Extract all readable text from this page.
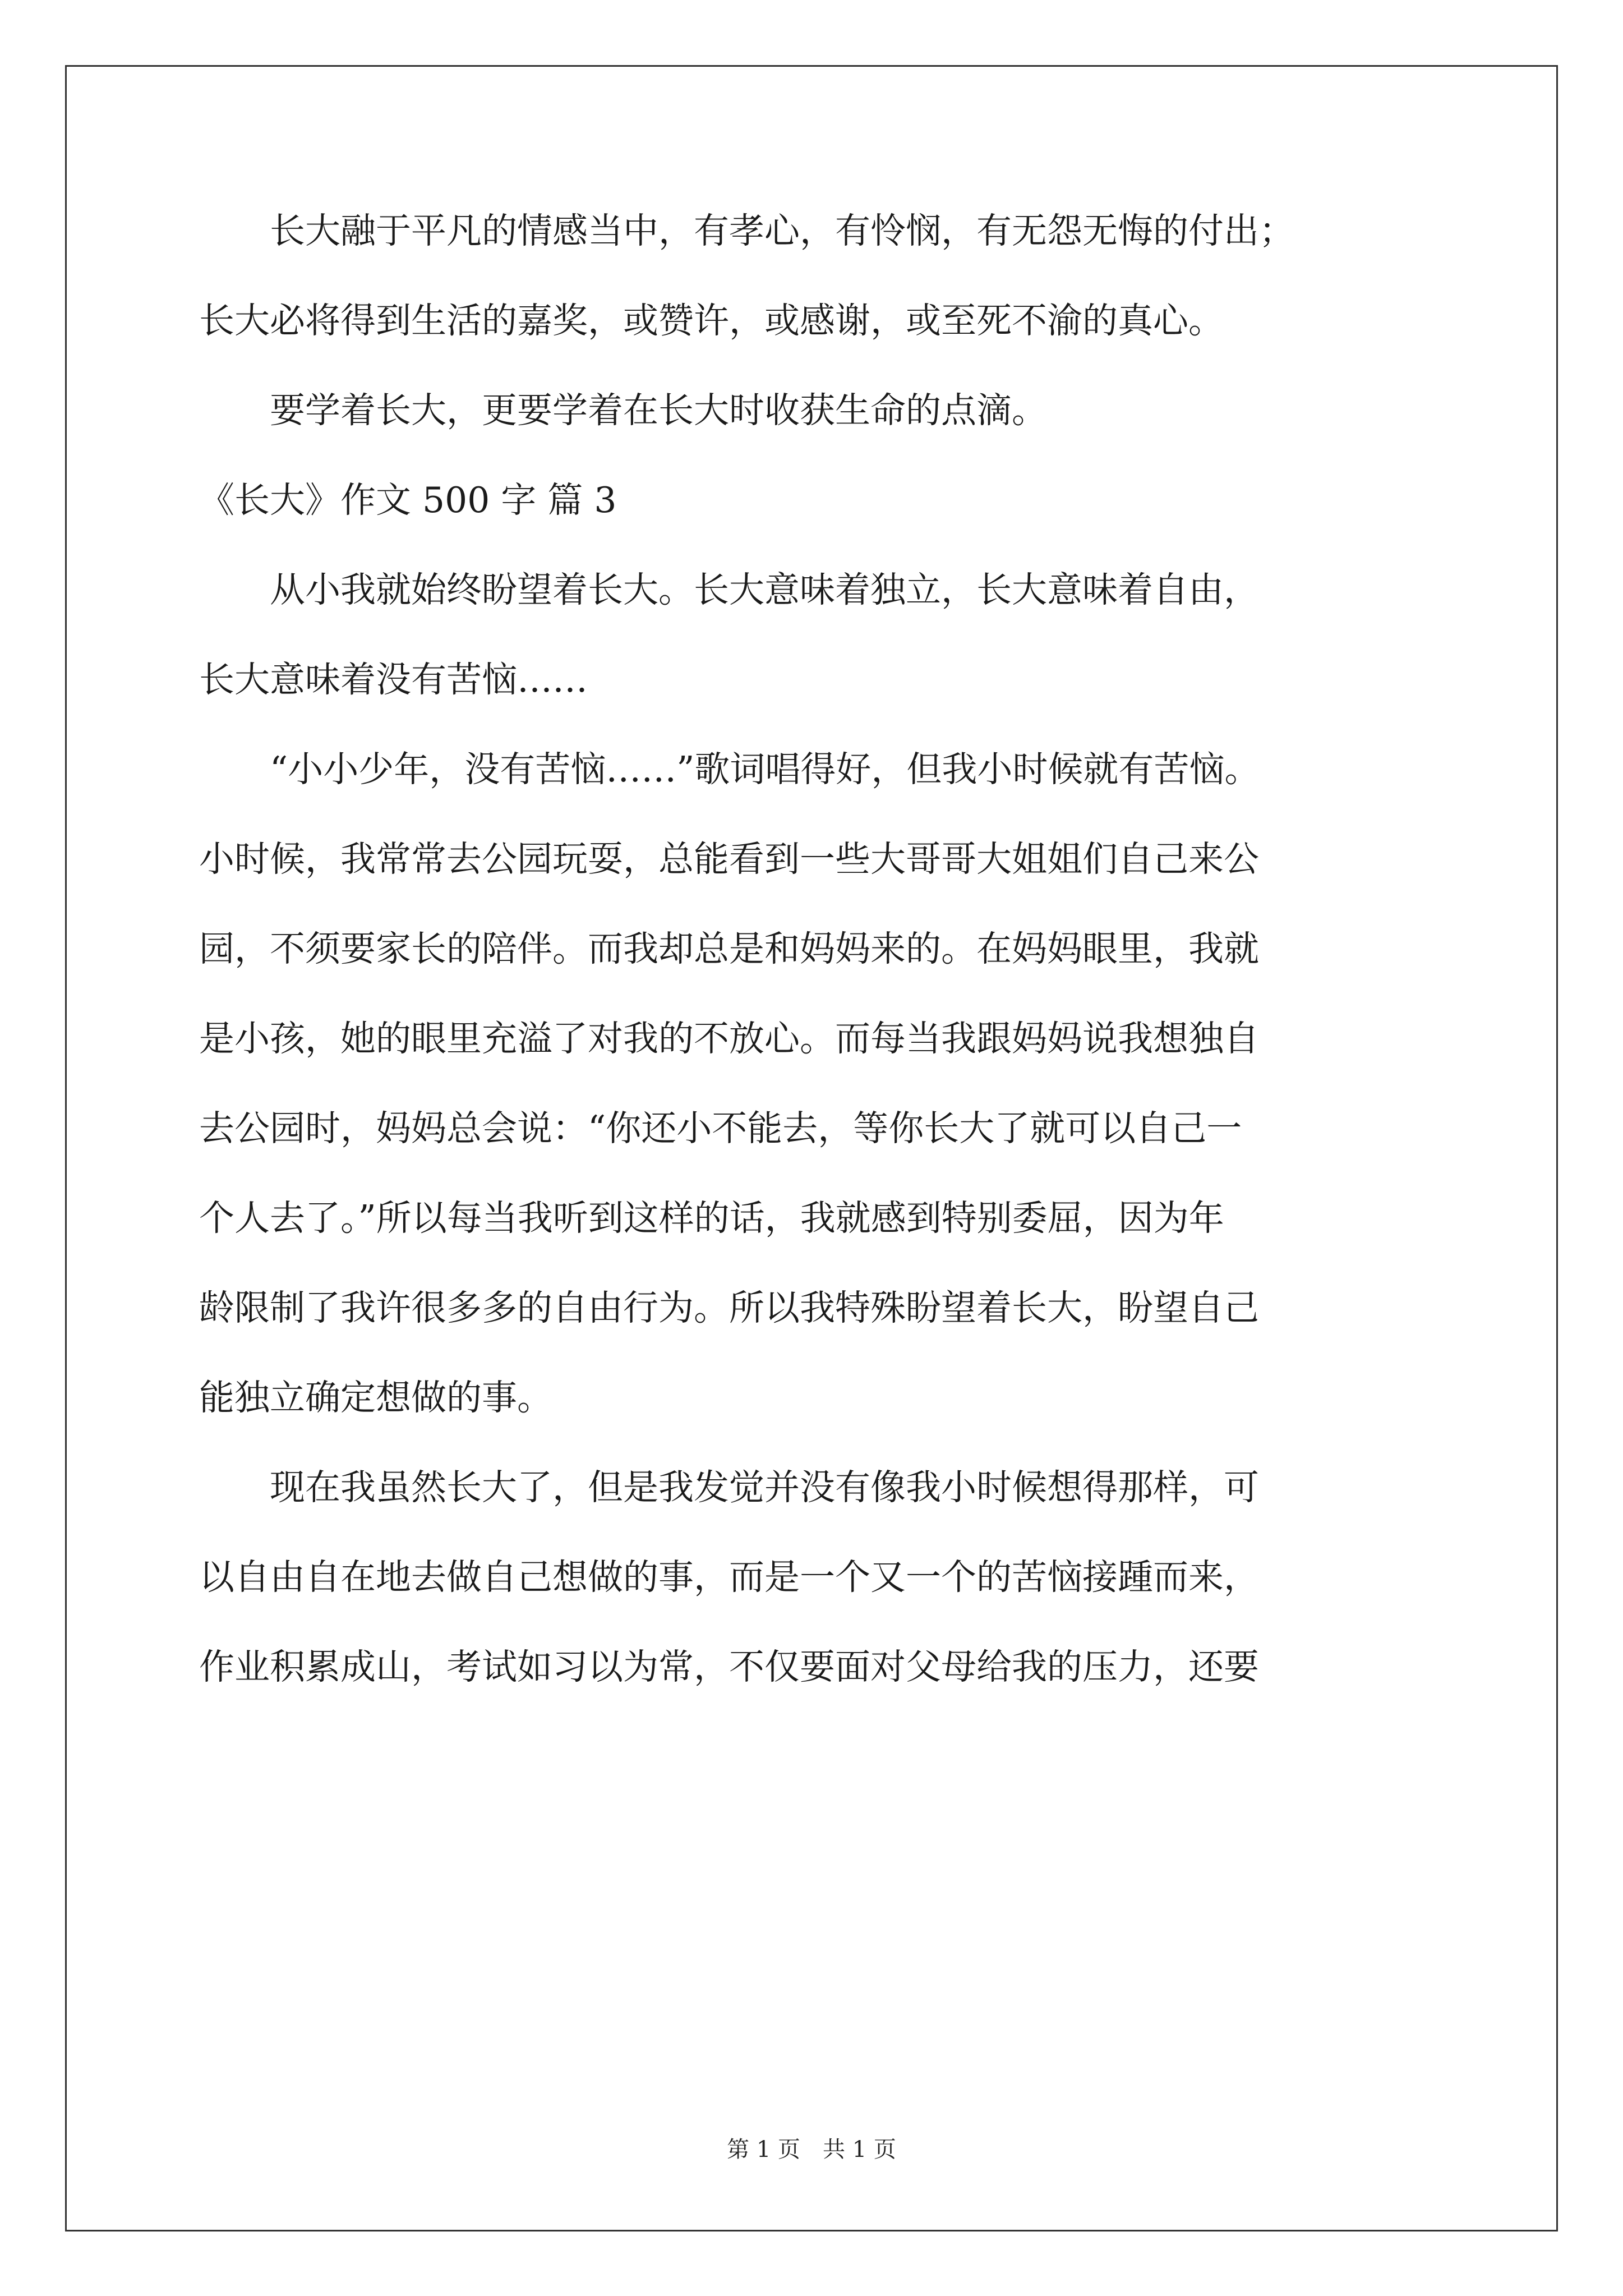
　　长大融于平凡的情感当中，有孝心，有怜悯，有无怨无悔的付出；
长大必将得到生活的嘉奖，或赞许，或感谢，或至死不渝的真心。
　　要学着长大，更要学着在长大时收获生命的点滴。
《长大》作文 500 字 篇 3
　　从小我就始终盼望着长大。长大意味着独立，长大意味着自由，
长大意味着没有苦恼……
　　“小小少年，没有苦恼……”歌词唱得好，但我小时候就有苦恼。
小时候，我常常去公园玩耍，总能看到一些大哥哥大姐姐们自己来公
园，不须要家长的陪伴。而我却总是和妈妈来的。在妈妈眼里，我就
是小孩，她的眼里充溢了对我的不放心。而每当我跟妈妈说我想独自
去公园时，妈妈总会说：“你还小不能去，等你长大了就可以自己一
个人去了。”所以每当我听到这样的话，我就感到特别委屈，因为年
龄限制了我许很多多的自由行为。所以我特殊盼望着长大，盼望自己
能独立确定想做的事。
　　现在我虽然长大了，但是我发觉并没有像我小时候想得那样，可
以自由自在地去做自己想做的事，而是一个又一个的苦恼接踵而来，
作业积累成山，考试如习以为常，不仅要面对父母给我的压力，还要
第 1 页　共 1 页
